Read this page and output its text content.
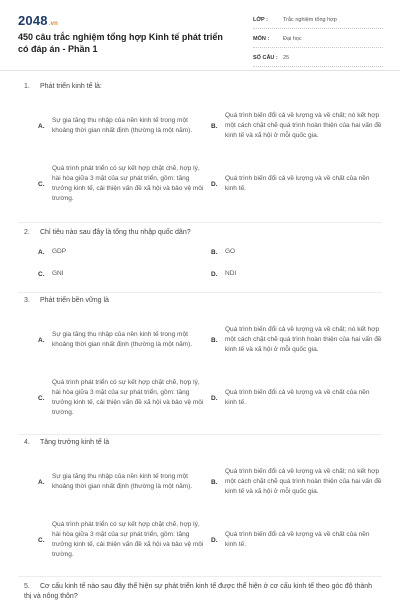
2048.vn
450 câu trắc nghiệm tổng hợp Kinh tế phát triển có đáp án - Phần 1
LỚP :	Trắc nghiệm tổng hợp
MÔN :	Đại học
SỐ CÂU : 25
1. Phát triển kinh tế là:
A.
Sự gia tăng thu nhập của nền kinh tế trong một khoảng thời gian nhất định (thường là một năm).
B.
Quá trình biến đổi cả về lượng và về chất; nó kết hợp một cách chặt chẽ quá trình hoàn thiện của hai vấn đề kinh tế và xã hội ở mỗi quốc gia.
C.
Quá trình phát triển có sự kết hợp chặt chẽ, hợp lý, hài hòa giữa 3 mặt của sự phát triển, gồm: tăng trưởng kinh tế, cải thiện vấn đề xã hội và bảo vệ môi trường.
D.
Quá trình biến đổi cả về lượng và về chất của nền kinh tế.
2. Chỉ tiêu nào sau đây là tổng thu nhập quốc dân?
A.	GDP	B.	GO
C.	GNI	D.	NDI
3. Phát triển bền vững là
A.
Sự gia tăng thu nhập của nền kinh tế trong một khoảng thời gian nhất định (thường là một năm).
B.
Quá trình biến đổi cả về lượng và về chất; nó kết hợp một cách chặt chẽ quá trình hoàn thiện của hai vấn đề kinh tế và xã hội ở mỗi quốc gia.
C.
Quá trình phát triển có sự kết hợp chặt chẽ, hợp lý, hài hòa giữa 3 mặt của sự phát triển, gồm: tăng trưởng kinh tế, cải thiện vấn đề xã hội và bảo vệ môi trường.
D.
Quá trình biến đổi cả về lượng và về chất của nền kinh tế.
4. Tăng trưởng kinh tế là
A.
Sự gia tăng thu nhập của nền kinh tế trong một khoảng thời gian nhất định (thường là một năm).
B.
Quá trình biến đổi cả về lượng và về chất; nó kết hợp một cách chặt chẽ quá trình hoàn thiện của hai vấn đề kinh tế và xã hội ở mỗi quốc gia.
C.
Quá trình phát triển có sự kết hợp chặt chẽ, hợp lý, hài hòa giữa 3 mặt của sự phát triển, gồm: tăng trưởng kinh tế, cải thiện vấn đề xã hội và bảo vệ môi trường.
D.
Quá trình biến đổi cả về lượng và về chất của nền kinh tế.
5. Cơ cấu kinh tế nào sau đây thể hiện sự phát triển kinh tế được thể hiện ở cơ cấu kinh tế theo góc độ thành thị và nông thôn?
